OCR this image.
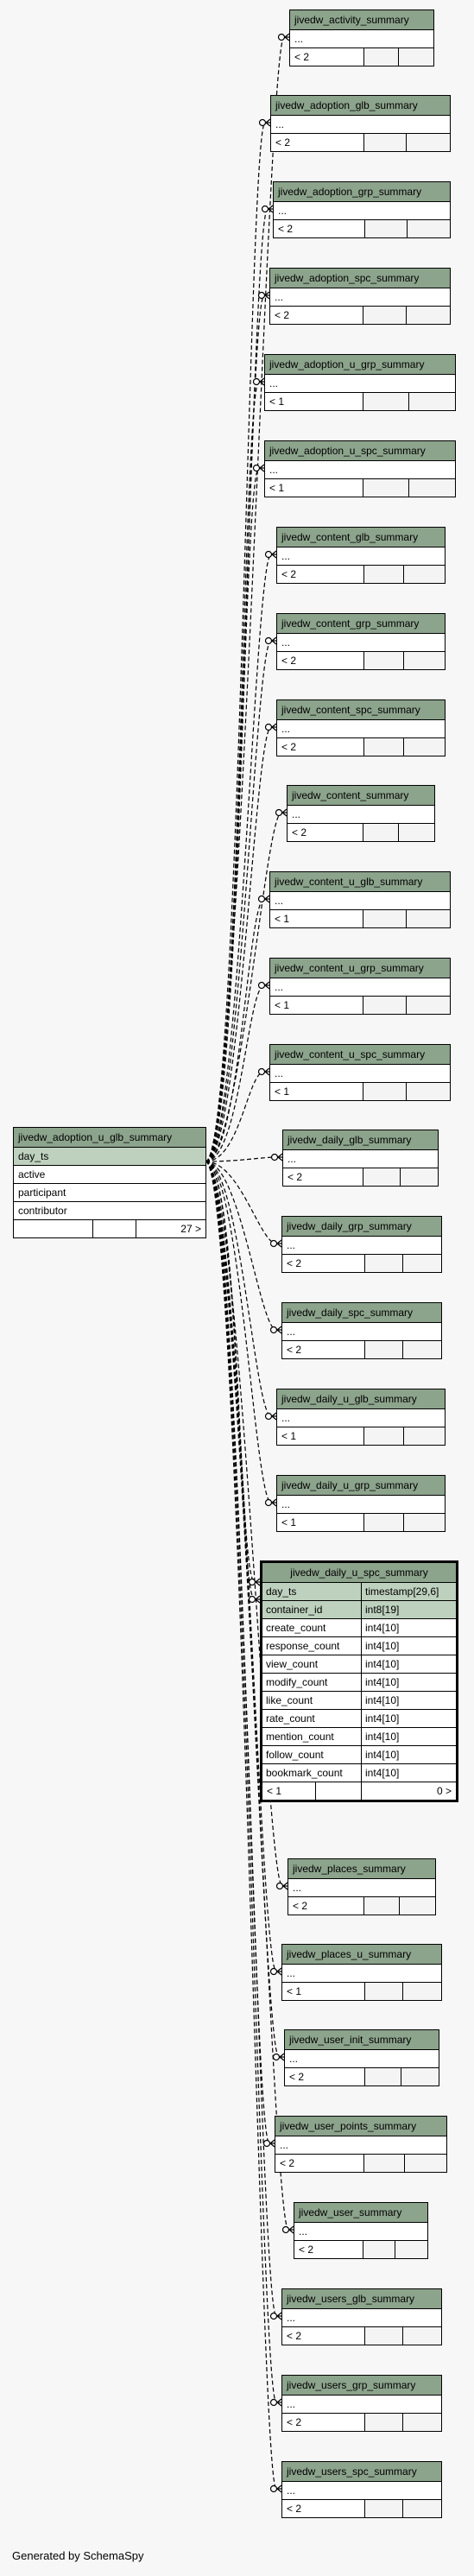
jivedw_adoption_u_glb_summary
day_ts
active
participant
contributor
27 >
jivedw_activity_summary
...
< 2
jivedw_adoption_glb_summary
...
< 2
jivedw_adoption_grp_summary
...
< 2
jivedw_adoption_spc_summary
...
< 2
jivedw_adoption_u_grp_summary
...
< 1
jivedw_adoption_u_spc_summary
...
< 1
jivedw_content_glb_summary
...
< 2
jivedw_content_grp_summary
...
< 2
jivedw_content_spc_summary
...
< 2
jivedw_content_summary
...
< 2
jivedw_content_u_glb_summary
...
< 1
jivedw_content_u_grp_summary
...
< 1
jivedw_content_u_spc_summary
...
< 1
jivedw_daily_glb_summary
...
< 2
jivedw_daily_grp_summary
...
< 2
jivedw_daily_spc_summary
...
< 2
jivedw_daily_u_glb_summary
...
< 1
jivedw_daily_u_grp_summary
...
< 1
jivedw_places_summary
...
< 2
jivedw_places_u_summary
...
< 1
jivedw_user_init_summary
...
< 2
jivedw_user_points_summary
...
< 2
jivedw_user_summary
...
< 2
jivedw_users_glb_summary
...
< 2
jivedw_users_grp_summary
...
< 2
jivedw_users_spc_summary
...
< 2
jivedw_daily_u_spc_summary
day_ts	timestamp[29,6]
container_id	int8[19]
create_count	int4[10]
response_count	int4[10]
view_count	int4[10]
modify_count	int4[10]
like_count	int4[10]
rate_count	int4[10]
mention_count	int4[10]
follow_count	int4[10]
bookmark_count	int4[10]
< 1	0 >
Generated by SchemaSpy
